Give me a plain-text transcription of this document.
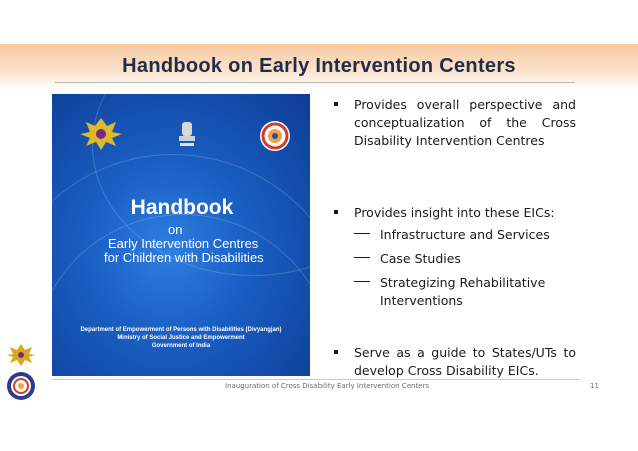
Handbook on Early Intervention Centers
Handbook
on
Early Intervention Centres
for Children with Disabilities
Department of Empowerment of Persons with Disabilities (Divyangjan)
Ministry of Social Justice and Empowerment
Government of India
Provides overall perspective and conceptualization of the Cross Disability Intervention Centres
Provides insight into these EICs:
Infrastructure and Services
Case Studies
Strategizing Rehabilitative Interventions
Serve as a guide to States/UTs to develop Cross Disability EICs.
Inauguration of Cross Disability Early Intervention Centers	11
